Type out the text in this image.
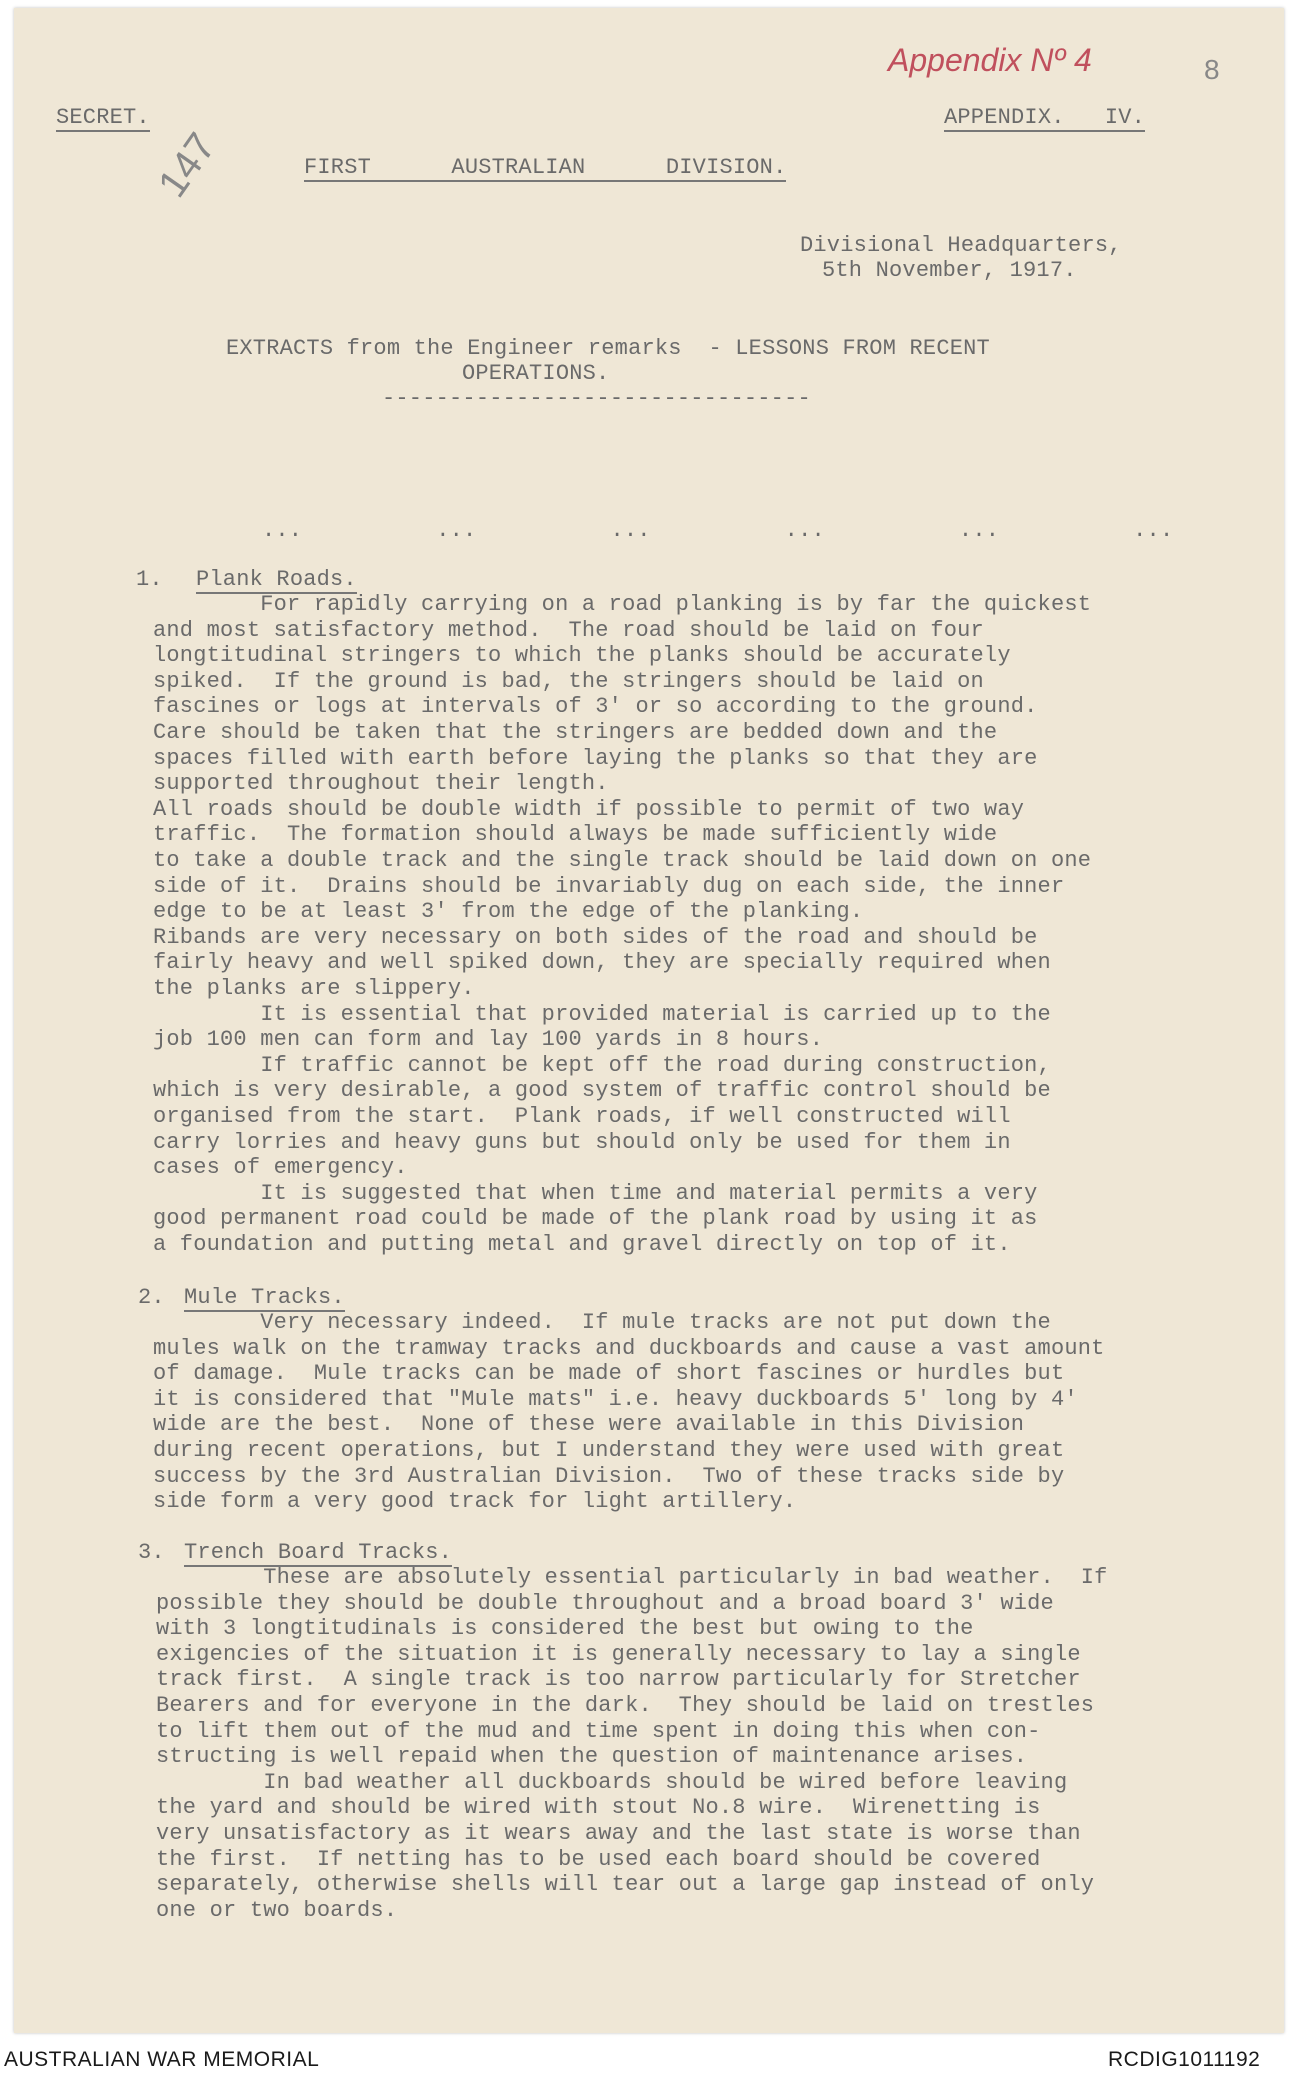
SECRET.
Appendix Nº 4	8
APPENDIX.   IV.
147	FIRST      AUSTRALIAN      DIVISION.
Divisional Headquarters,
5th November, 1917.
EXTRACTS from the Engineer remarks  - LESSONS FROM RECENT
OPERATIONS.
--------------------------------
...          ...          ...          ...          ...          ...
1. Plank Roads.
For rapidly carrying on a road planking is by far the quickest
and most satisfactory method.  The road should be laid on four
longtitudinal stringers to which the planks should be accurately
spiked.  If the ground is bad, the stringers should be laid on
fascines or logs at intervals of 3' or so according to the ground.
Care should be taken that the stringers are bedded down and the
spaces filled with earth before laying the planks so that they are
supported throughout their length.
All roads should be double width if possible to permit of two way
traffic.  The formation should always be made sufficiently wide
to take a double track and the single track should be laid down on one
side of it.  Drains should be invariably dug on each side, the inner
edge to be at least 3' from the edge of the planking.
Ribands are very necessary on both sides of the road and should be
fairly heavy and well spiked down, they are specially required when
the planks are slippery.
It is essential that provided material is carried up to the
job 100 men can form and lay 100 yards in 8 hours.
If traffic cannot be kept off the road during construction,
which is very desirable, a good system of traffic control should be
organised from the start.  Plank roads, if well constructed will
carry lorries and heavy guns but should only be used for them in
cases of emergency.
It is suggested that when time and material permits a very
good permanent road could be made of the plank road by using it as
a foundation and putting metal and gravel directly on top of it.
2. Mule Tracks.
Very necessary indeed.  If mule tracks are not put down the
mules walk on the tramway tracks and duckboards and cause a vast amount
of damage.  Mule tracks can be made of short fascines or hurdles but
it is considered that "Mule mats" i.e. heavy duckboards 5' long by 4'
wide are the best.  None of these were available in this Division
during recent operations, but I understand they were used with great
success by the 3rd Australian Division.  Two of these tracks side by
side form a very good track for light artillery.
3. Trench Board Tracks.
These are absolutely essential particularly in bad weather.  If
possible they should be double throughout and a broad board 3' wide
with 3 longtitudinals is considered the best but owing to the
exigencies of the situation it is generally necessary to lay a single
track first.  A single track is too narrow particularly for Stretcher
Bearers and for everyone in the dark.  They should be laid on trestles
to lift them out of the mud and time spent in doing this when con-
structing is well repaid when the question of maintenance arises.
In bad weather all duckboards should be wired before leaving
the yard and should be wired with stout No.8 wire.  Wirenetting is
very unsatisfactory as it wears away and the last state is worse than
the first.  If netting has to be used each board should be covered
separately, otherwise shells will tear out a large gap instead of only
one or two boards.
AUSTRALIAN WAR MEMORIAL	RCDIG1011192
